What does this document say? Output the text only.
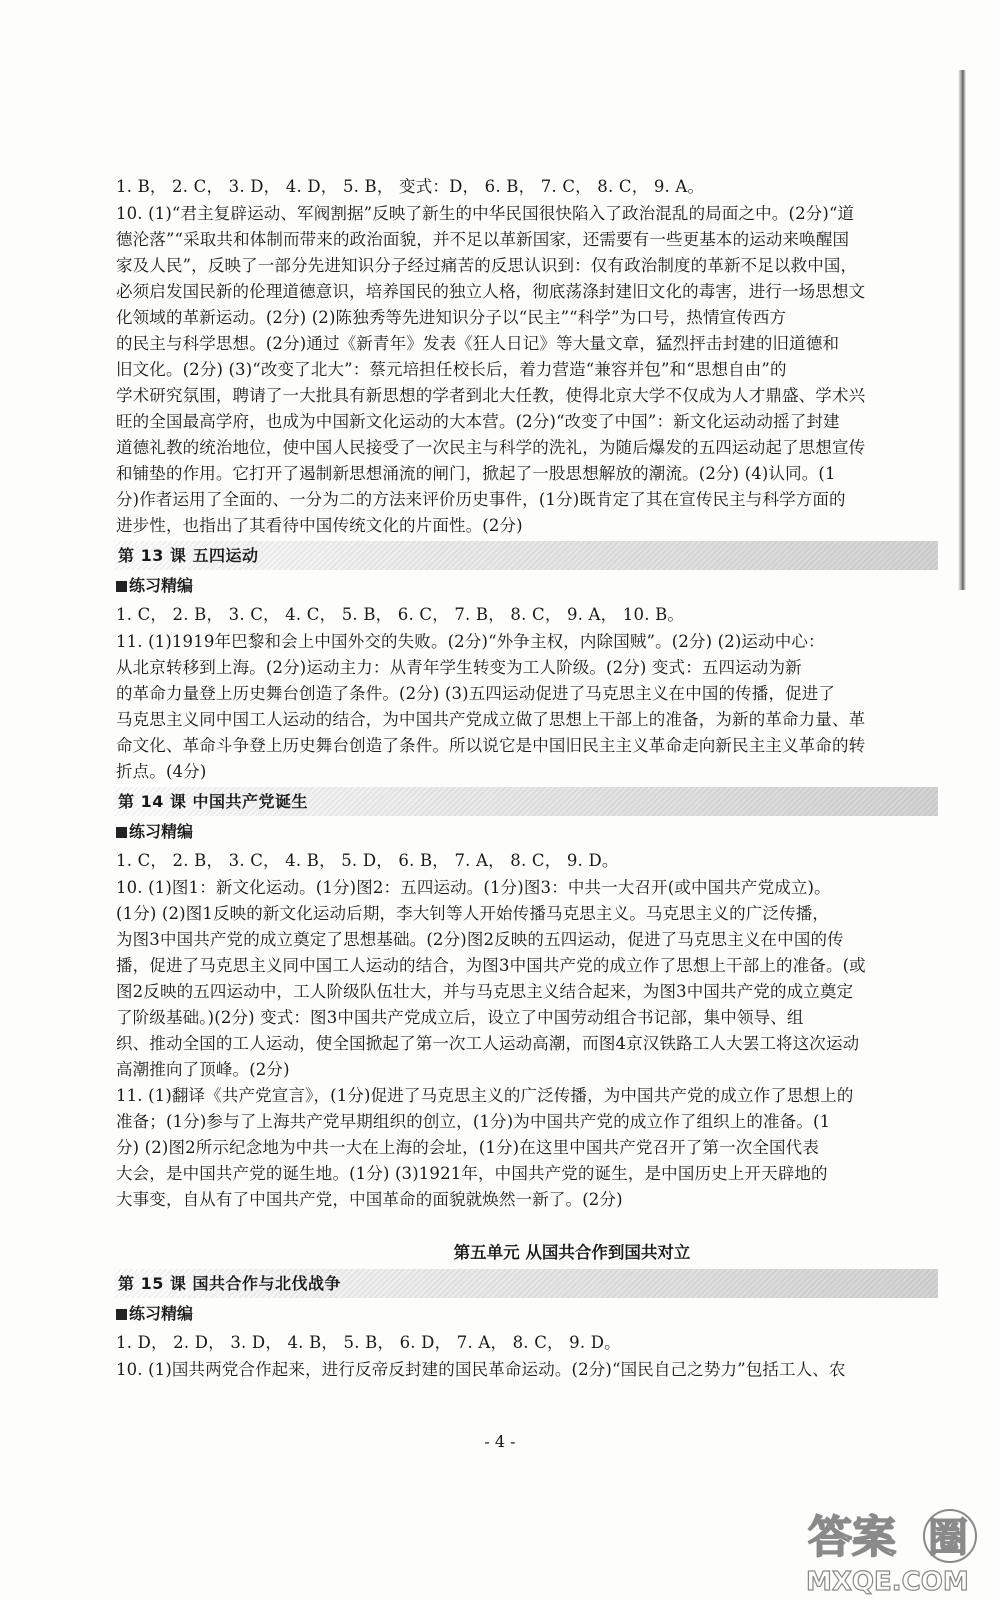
1. B， 2. C， 3. D， 4. D， 5. B， 变式：D， 6. B， 7. C， 8. C， 9. A。
10. (1)“君主复辟运动、军阀割据”反映了新生的中华民国很快陷入了政治混乱的局面之中。(2分)“道
德沦落”“采取共和体制而带来的政治面貌，并不足以革新国家，还需要有一些更基本的运动来唤醒国
家及人民”，反映了一部分先进知识分子经过痛苦的反思认识到：仅有政治制度的革新不足以救中国，
必须启发国民新的伦理道德意识，培养国民的独立人格，彻底荡涤封建旧文化的毒害，进行一场思想文
化领域的革新运动。(2分) (2)陈独秀等先进知识分子以“民主”“科学”为口号，热情宣传西方
的民主与科学思想。(2分)通过《新青年》发表《狂人日记》等大量文章，猛烈抨击封建的旧道德和
旧文化。(2分) (3)“改变了北大”：蔡元培担任校长后，着力营造“兼容并包”和“思想自由”的
学术研究氛围，聘请了一大批具有新思想的学者到北大任教，使得北京大学不仅成为人才鼎盛、学术兴
旺的全国最高学府，也成为中国新文化运动的大本营。(2分)“改变了中国”：新文化运动动摇了封建
道德礼教的统治地位，使中国人民接受了一次民主与科学的洗礼，为随后爆发的五四运动起了思想宣传
和铺垫的作用。它打开了遏制新思想涌流的闸门，掀起了一股思想解放的潮流。(2分) (4)认同。(1
分)作者运用了全面的、一分为二的方法来评价历史事件，(1分)既肯定了其在宣传民主与科学方面的
进步性，也指出了其看待中国传统文化的片面性。(2分)
第 13 课 五四运动
练习精编
1. C， 2. B， 3. C， 4. C， 5. B， 6. C， 7. B， 8. C， 9. A， 10. B。
11. (1)1919年巴黎和会上中国外交的失败。(2分)“外争主权，内除国贼”。(2分) (2)运动中心：
从北京转移到上海。(2分)运动主力：从青年学生转变为工人阶级。(2分) 变式：五四运动为新
的革命力量登上历史舞台创造了条件。(2分) (3)五四运动促进了马克思主义在中国的传播，促进了
马克思主义同中国工人运动的结合，为中国共产党成立做了思想上干部上的准备，为新的革命力量、革
命文化、革命斗争登上历史舞台创造了条件。所以说它是中国旧民主主义革命走向新民主主义革命的转
折点。(4分)
第 14 课 中国共产党诞生
练习精编
1. C， 2. B， 3. C， 4. B， 5. D， 6. B， 7. A， 8. C， 9. D。
10. (1)图1：新文化运动。(1分)图2：五四运动。(1分)图3：中共一大召开(或中国共产党成立)。
(1分) (2)图1反映的新文化运动后期，李大钊等人开始传播马克思主义。马克思主义的广泛传播，
为图3中国共产党的成立奠定了思想基础。(2分)图2反映的五四运动，促进了马克思主义在中国的传
播，促进了马克思主义同中国工人运动的结合，为图3中国共产党的成立作了思想上干部上的准备。(或
图2反映的五四运动中，工人阶级队伍壮大，并与马克思主义结合起来，为图3中国共产党的成立奠定
了阶级基础。)(2分) 变式：图3中国共产党成立后，设立了中国劳动组合书记部，集中领导、组
织、推动全国的工人运动，使全国掀起了第一次工人运动高潮，而图4京汉铁路工人大罢工将这次运动
高潮推向了顶峰。(2分)
11. (1)翻译《共产党宣言》，(1分)促进了马克思主义的广泛传播，为中国共产党的成立作了思想上的
准备；(1分)参与了上海共产党早期组织的创立，(1分)为中国共产党的成立作了组织上的准备。(1
分) (2)图2所示纪念地为中共一大在上海的会址，(1分)在这里中国共产党召开了第一次全国代表
大会，是中国共产党的诞生地。(1分) (3)1921年，中国共产党的诞生，是中国历史上开天辟地的
大事变，自从有了中国共产党，中国革命的面貌就焕然一新了。(2分)
第五单元 从国共合作到国共对立
第 15 课 国共合作与北伐战争
练习精编
1. D， 2. D， 3. D， 4. B， 5. B， 6. D， 7. A， 8. C， 9. D。
10. (1)国共两党合作起来，进行反帝反封建的国民革命运动。(2分)“国民自己之势力”包括工人、农
- 4 -
答案 圈
MXQE.COM
